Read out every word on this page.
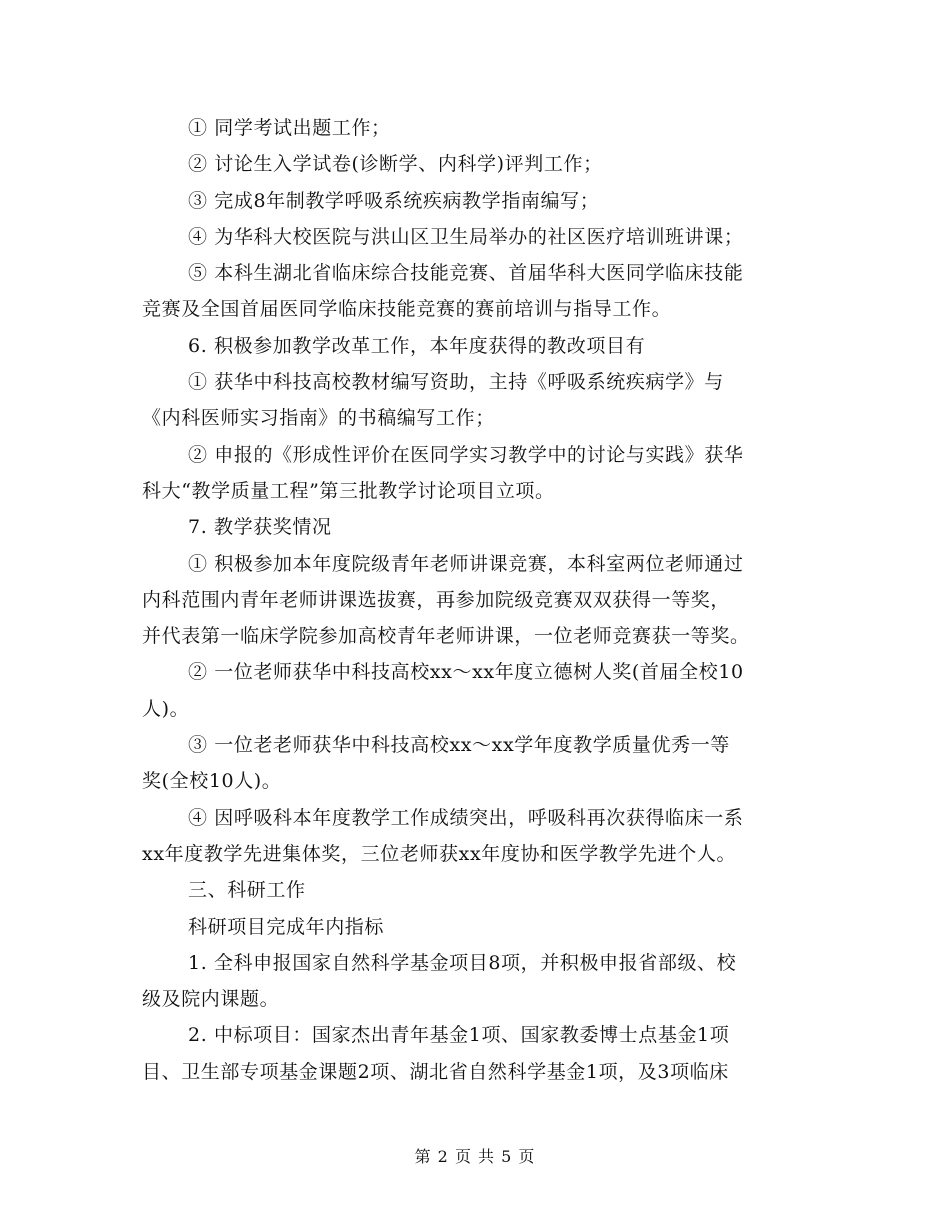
① 同学考试出题工作；
② 讨论生入学试卷(诊断学、内科学)评判工作；
③ 完成8年制教学呼吸系统疾病教学指南编写；
④ 为华科大校医院与洪山区卫生局举办的社区医疗培训班讲课；
⑤ 本科生湖北省临床综合技能竞赛、首届华科大医同学临床技能
竞赛及全国首届医同学临床技能竞赛的赛前培训与指导工作。
6. 积极参加教学改革工作，本年度获得的教改项目有
① 获华中科技高校教材编写资助，主持《呼吸系统疾病学》与
《内科医师实习指南》的书稿编写工作；
② 申报的《形成性评价在医同学实习教学中的讨论与实践》获华
科大“教学质量工程”第三批教学讨论项目立项。
7. 教学获奖情况
① 积极参加本年度院级青年老师讲课竞赛，本科室两位老师通过
内科范围内青年老师讲课选拔赛，再参加院级竞赛双双获得一等奖，
并代表第一临床学院参加高校青年老师讲课，一位老师竞赛获一等奖。
② 一位老师获华中科技高校xx～xx年度立德树人奖(首届全校10
人)。
③ 一位老老师获华中科技高校xx～xx学年度教学质量优秀一等
奖(全校10人)。
④ 因呼吸科本年度教学工作成绩突出，呼吸科再次获得临床一系
xx年度教学先进集体奖，三位老师获xx年度协和医学教学先进个人。
三、科研工作
科研项目完成年内指标
1. 全科申报国家自然科学基金项目8项，并积极申报省部级、校
级及院内课题。
2. 中标项目：国家杰出青年基金1项、国家教委博士点基金1项
目、卫生部专项基金课题2项、湖北省自然科学基金1项，及3项临床
第 2 页 共 5 页
